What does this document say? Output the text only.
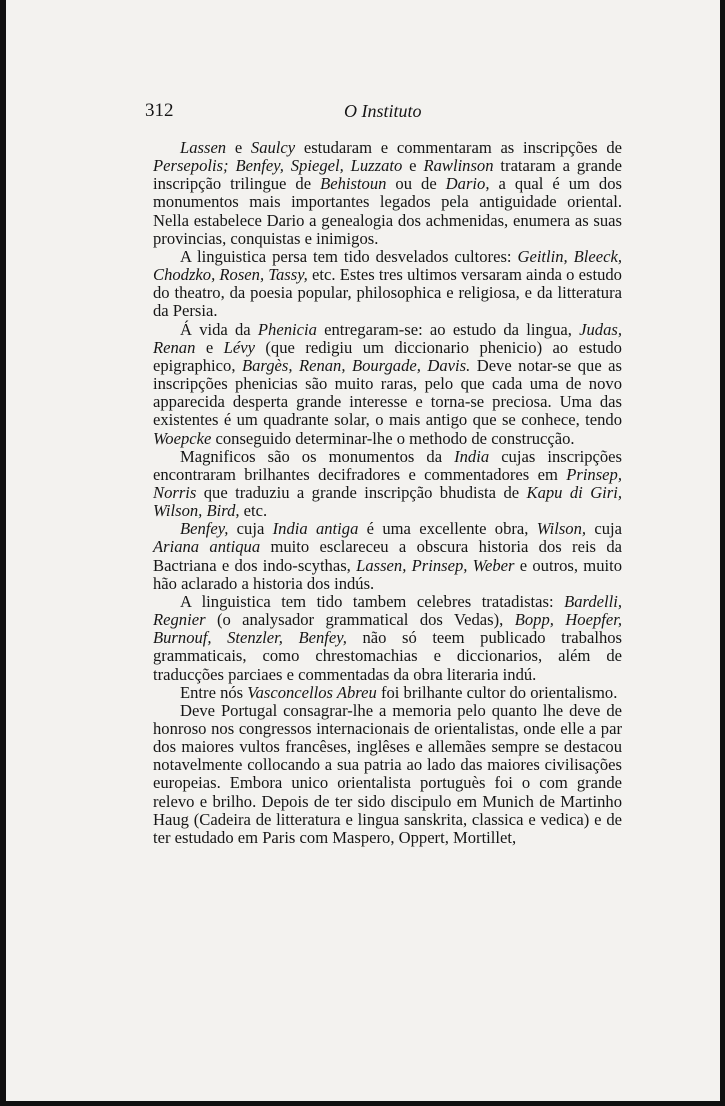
312	O Instituto

Lassen e Saulcy estudaram e commentaram as inscripções de Persepolis; Benfey, Spiegel, Luzzato e Rawlinson trataram a grande inscripção trilingue de Behistoun ou de Dario, a qual é um dos monumentos mais importantes legados pela antiguidade oriental. Nella estabelece Dario a genealogia dos achmenidas, enumera as suas provincias, conquistas e inimigos.

A linguistica persa tem tido desvelados cultores: Geitlin, Bleeck, Chodzko, Rosen, Tassy, etc. Estes tres ultimos versaram ainda o estudo do theatro, da poesia popular, philosophica e religiosa, e da litteratura da Persia.

Á vida da Phenicia entregaram-se: ao estudo da lingua, Judas, Renan e Lévy (que redigiu um diccionario phenicio) ao estudo epigraphico, Bargès, Renan, Bourgade, Davis. Deve notar-se que as inscripções phenicias são muito raras, pelo que cada uma de novo apparecida desperta grande interesse e torna-se preciosa. Uma das existentes é um quadrante solar, o mais antigo que se conhece, tendo Woepcke conseguido determinar-lhe o methodo de construcção.

Magnificos são os monumentos da India cujas inscripções encontraram brilhantes decifradores e commentadores em Prinsep, Norris que traduziu a grande inscripção bhudista de Kapu di Giri, Wilson, Bird, etc.

Benfey, cuja India antiga é uma excellente obra, Wilson, cuja Ariana antiqua muito esclareceu a obscura historia dos reis da Bactriana e dos indo-scythas, Lassen, Prinsep, Weber e outros, muito hão aclarado a historia dos indús.

A linguistica tem tido tambem celebres tratadistas: Bardelli, Regnier (o analysador grammatical dos Vedas), Bopp, Hoepfer, Burnouf, Stenzler, Benfey, não só teem publicado trabalhos grammaticais, como chrestomachias e diccionarios, além de traducções parciaes e commentadas da obra literaria indú.

Entre nós Vasconcellos Abreu foi brilhante cultor do orientalismo.

Deve Portugal consagrar-lhe a memoria pelo quanto lhe deve de honroso nos congressos internacionais de orientalistas, onde elle a par dos maiores vultos francêses, inglêses e allemães sempre se destacou notavelmente collocando a sua patria ao lado das maiores civilisações europeias. Embora unico orientalista portuguès foi o com grande relevo e brilho. Depois de ter sido discipulo em Munich de Martinho Haug (Cadeira de litteratura e lingua sanskrita, classica e vedica) e de ter estudado em Paris com Maspero, Oppert, Mortillet,
